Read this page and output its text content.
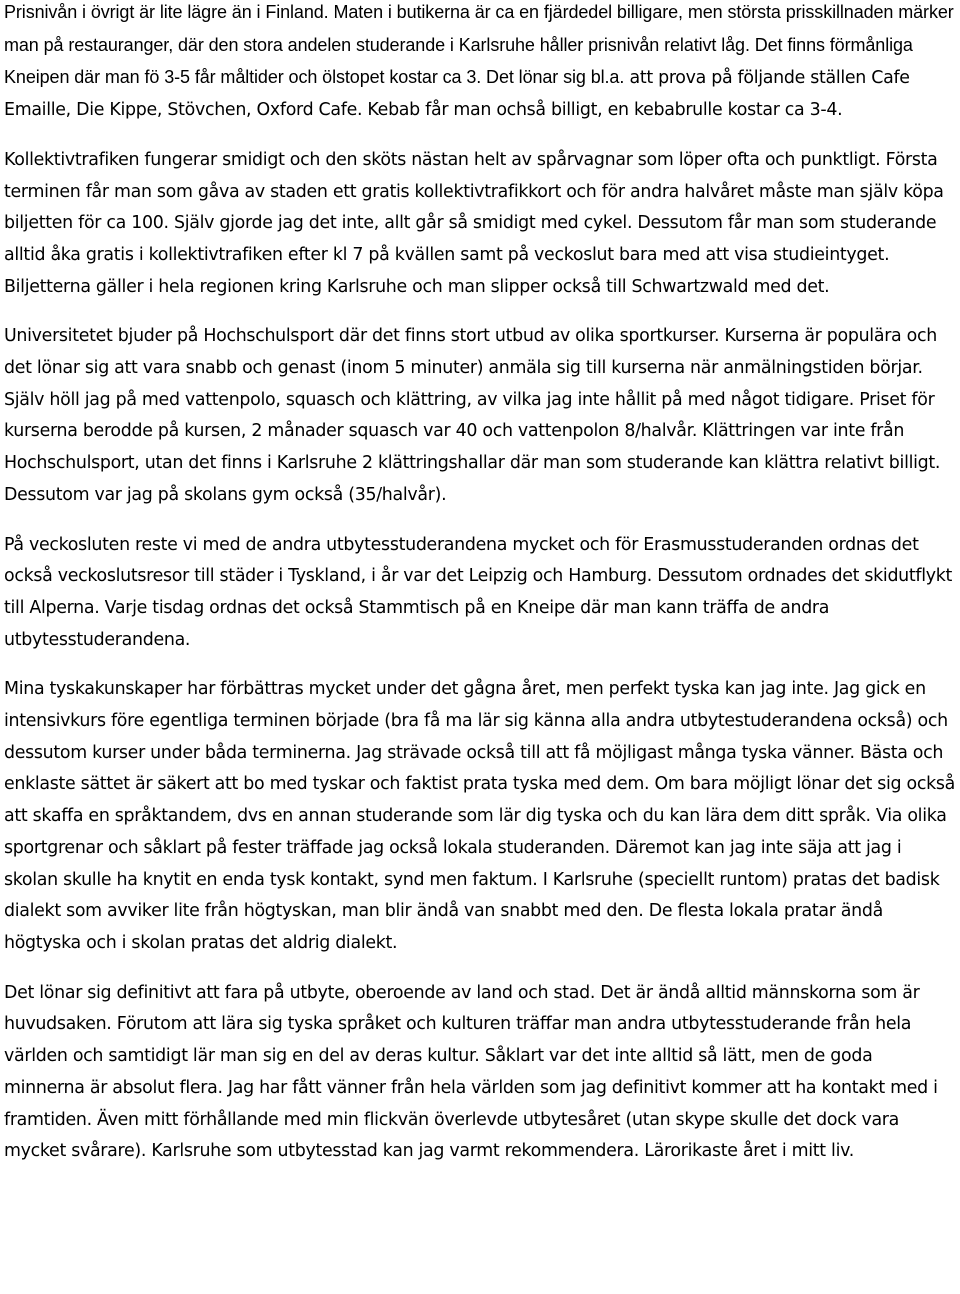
Prisnivån i övrigt är lite lägre än i Finland. Maten i butikerna är ca en fjärdedel billigare, men största prisskillnaden märker man på restauranger, där den stora andelen studerande i Karlsruhe håller prisnivån relativt låg. Det finns förmånliga Kneipen där man fö 3-5 får måltider och ölstopet kostar ca 3. Det lönar sig bl.a. att prova på följande ställen Cafe Emaille, Die Kippe, Stövchen, Oxford Cafe. Kebab får man ochså billigt, en kebabrulle kostar ca 3-4.

Kollektivtrafiken fungerar smidigt och den sköts nästan helt av spårvagnar som löper ofta och punktligt. Första terminen får man som gåva av staden ett gratis kollektivtrafikkort och för andra halvåret måste man själv köpa biljetten för ca 100. Själv gjorde jag det inte, allt går så smidigt med cykel. Dessutom får man som studerande alltid åka gratis i kollektivtrafiken efter kl 7 på kvällen samt på veckoslut bara med att visa studieintyget. Biljetterna gäller i hela regionen kring Karlsruhe och man slipper också till Schwartzwald med det.

Universitetet bjuder på Hochschulsport där det finns stort utbud av olika sportkurser. Kurserna är populära och det lönar sig att vara snabb och genast (inom 5 minuter) anmäla sig till kurserna när anmälningstiden börjar. Själv höll jag på med vattenpolo, squasch och klättring, av vilka jag inte hållit på med något tidigare. Priset för kurserna berodde på kursen, 2 månader squasch var 40 och vattenpolon 8/halvår. Klättringen var inte från Hochschulsport, utan det finns i Karlsruhe 2 klättringshallar där man som studerande kan klättra relativt billigt. Dessutom var jag på skolans gym också (35/halvår).

På veckosluten reste vi med de andra utbytesstuderandena mycket och för Erasmusstuderanden ordnas det också veckoslutsresor till städer i Tyskland, i år var det Leipzig och Hamburg. Dessutom ordnades det skidutflykt till Alperna. Varje tisdag ordnas det också Stammtisch på en Kneipe där man kann träffa de andra utbytesstuderandena.

Mina tyskakunskaper har förbättras mycket under det gågna året, men perfekt tyska kan jag inte. Jag gick en intensivkurs före egentliga terminen började (bra få ma lär sig känna alla andra utbytestuderandena också) och dessutom kurser under båda terminerna. Jag strävade också till att få möjligast många tyska vänner. Bästa och enklaste sättet är säkert att bo med tyskar och faktist prata tyska med dem. Om bara möjligt lönar det sig också att skaffa en språktandem, dvs en annan studerande som lär dig tyska och du kan lära dem ditt språk. Via olika sportgrenar och såklart på fester träffade jag också lokala studeranden. Däremot kan jag inte säja att jag i skolan skulle ha knytit en enda tysk kontakt, synd men faktum. I Karlsruhe (speciellt runtom) pratas det badisk dialekt som avviker lite från högtyskan, man blir ändå van snabbt med den. De flesta lokala pratar ändå högtyska och i skolan pratas det aldrig dialekt.

Det lönar sig definitivt att fara på utbyte, oberoende av land och stad. Det är ändå alltid männskorna som är huvudsaken. Förutom att lära sig tyska språket och kulturen träffar man andra utbytesstuderande från hela världen och samtidigt lär man sig en del av deras kultur. Såklart var det inte alltid så lätt, men de goda minnerna är absolut flera. Jag har fått vänner från hela världen som jag definitivt kommer att ha kontakt med i framtiden. Även mitt förhållande med min flickvän överlevde utbytesåret (utan skype skulle det dock vara mycket svårare). Karlsruhe som utbytesstad kan jag varmt rekommendera. Lärorikaste året i mitt liv.
